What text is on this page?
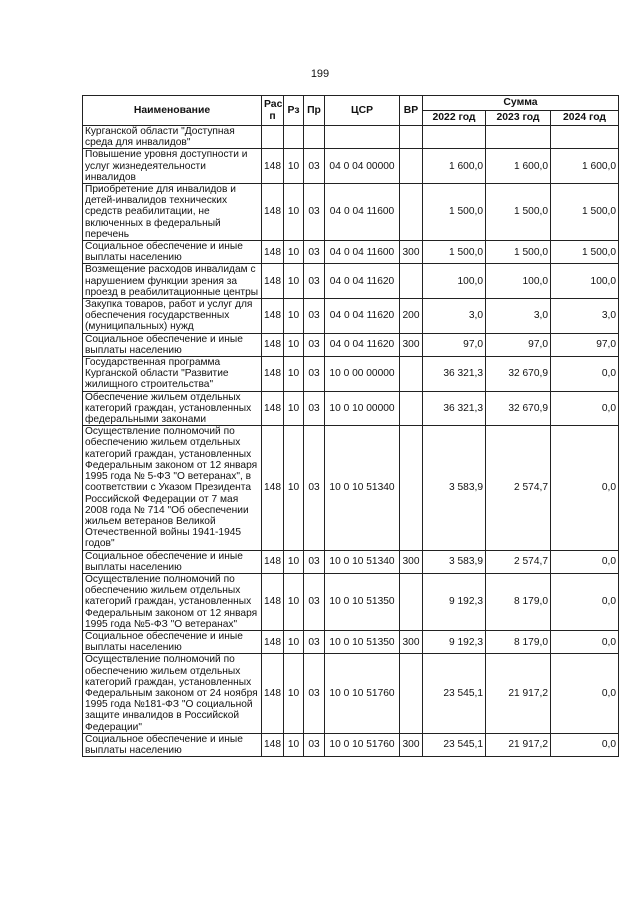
199
Наименование	Рас п	Рз	Пр	ЦСР	ВР	Сумма		
						2022 год	2023 год	2024 год
Курганской области "Доступная среда для инвалидов"								
Повышение уровня доступности и услуг жизнедеятельности инвалидов	148	10	03	04 0 04 00000		1 600,0	1 600,0	1 600,0
Приобретение для инвалидов и детей-инвалидов технических средств реабилитации, не включенных в федеральный перечень	148	10	03	04 0 04 11600		1 500,0	1 500,0	1 500,0
Социальное обеспечение и иные выплаты населению	148	10	03	04 0 04 11600	300	1 500,0	1 500,0	1 500,0
Возмещение расходов инвалидам с нарушением функции зрения за проезд в реабилитационные центры	148	10	03	04 0 04 11620		100,0	100,0	100,0
Закупка товаров, работ и услуг для обеспечения государственных (муниципальных) нужд	148	10	03	04 0 04 11620	200	3,0	3,0	3,0
Социальное обеспечение и иные выплаты населению	148	10	03	04 0 04 11620	300	97,0	97,0	97,0
Государственная программа Курганской области "Развитие жилищного строительства"	148	10	03	10 0 00 00000		36 321,3	32 670,9	0,0
Обеспечение жильем отдельных категорий граждан, установленных федеральными законами	148	10	03	10 0 10 00000		36 321,3	32 670,9	0,0
Осуществление полномочий по обеспечению жильем отдельных категорий граждан, установленных Федеральным законом от 12 января 1995 года № 5-ФЗ "О ветеранах", в соответствии с Указом Президента Российской Федерации от 7 мая 2008 года № 714 "Об обеспечении жильем ветеранов Великой Отечественной войны 1941-1945 годов"	148	10	03	10 0 10 51340		3 583,9	2 574,7	0,0
Социальное обеспечение и иные выплаты населению	148	10	03	10 0 10 51340	300	3 583,9	2 574,7	0,0
Осуществление полномочий по обеспечению жильем отдельных категорий граждан, установленных Федеральным законом от 12 января 1995 года №5-ФЗ "О ветеранах"	148	10	03	10 0 10 51350		9 192,3	8 179,0	0,0
Социальное обеспечение и иные выплаты населению	148	10	03	10 0 10 51350	300	9 192,3	8 179,0	0,0
Осуществление полномочий по обеспечению жильем отдельных категорий граждан, установленных Федеральным законом от 24 ноября 1995 года №181-ФЗ "О социальной защите инвалидов в Российской Федерации"	148	10	03	10 0 10 51760		23 545,1	21 917,2	0,0
Социальное обеспечение и иные выплаты населению	148	10	03	10 0 10 51760	300	23 545,1	21 917,2	0,0
